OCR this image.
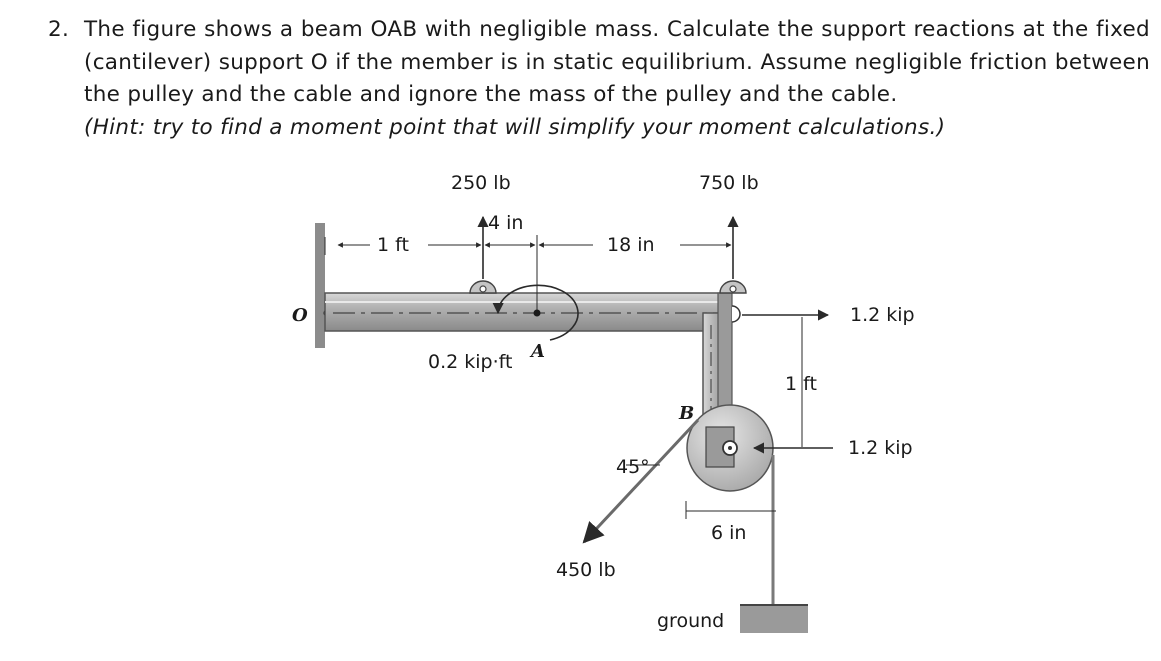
2. The figure shows a beam OAB with negligible mass. Calculate the support reactions at the fixed (cantilever) support O if the member is in static equilibrium. Assume negligible friction between the pulley and the cable and ignore the mass of the pulley and the cable.
(Hint: try to find a moment point that will simplify your moment calculations.)
O
250 lb	750 lb
4 in
1 ft	18 in
A
0.2 kip·ft
1.2 kip
1 ft
1.2 kip
ground
6 in
B
45°
450 lb
